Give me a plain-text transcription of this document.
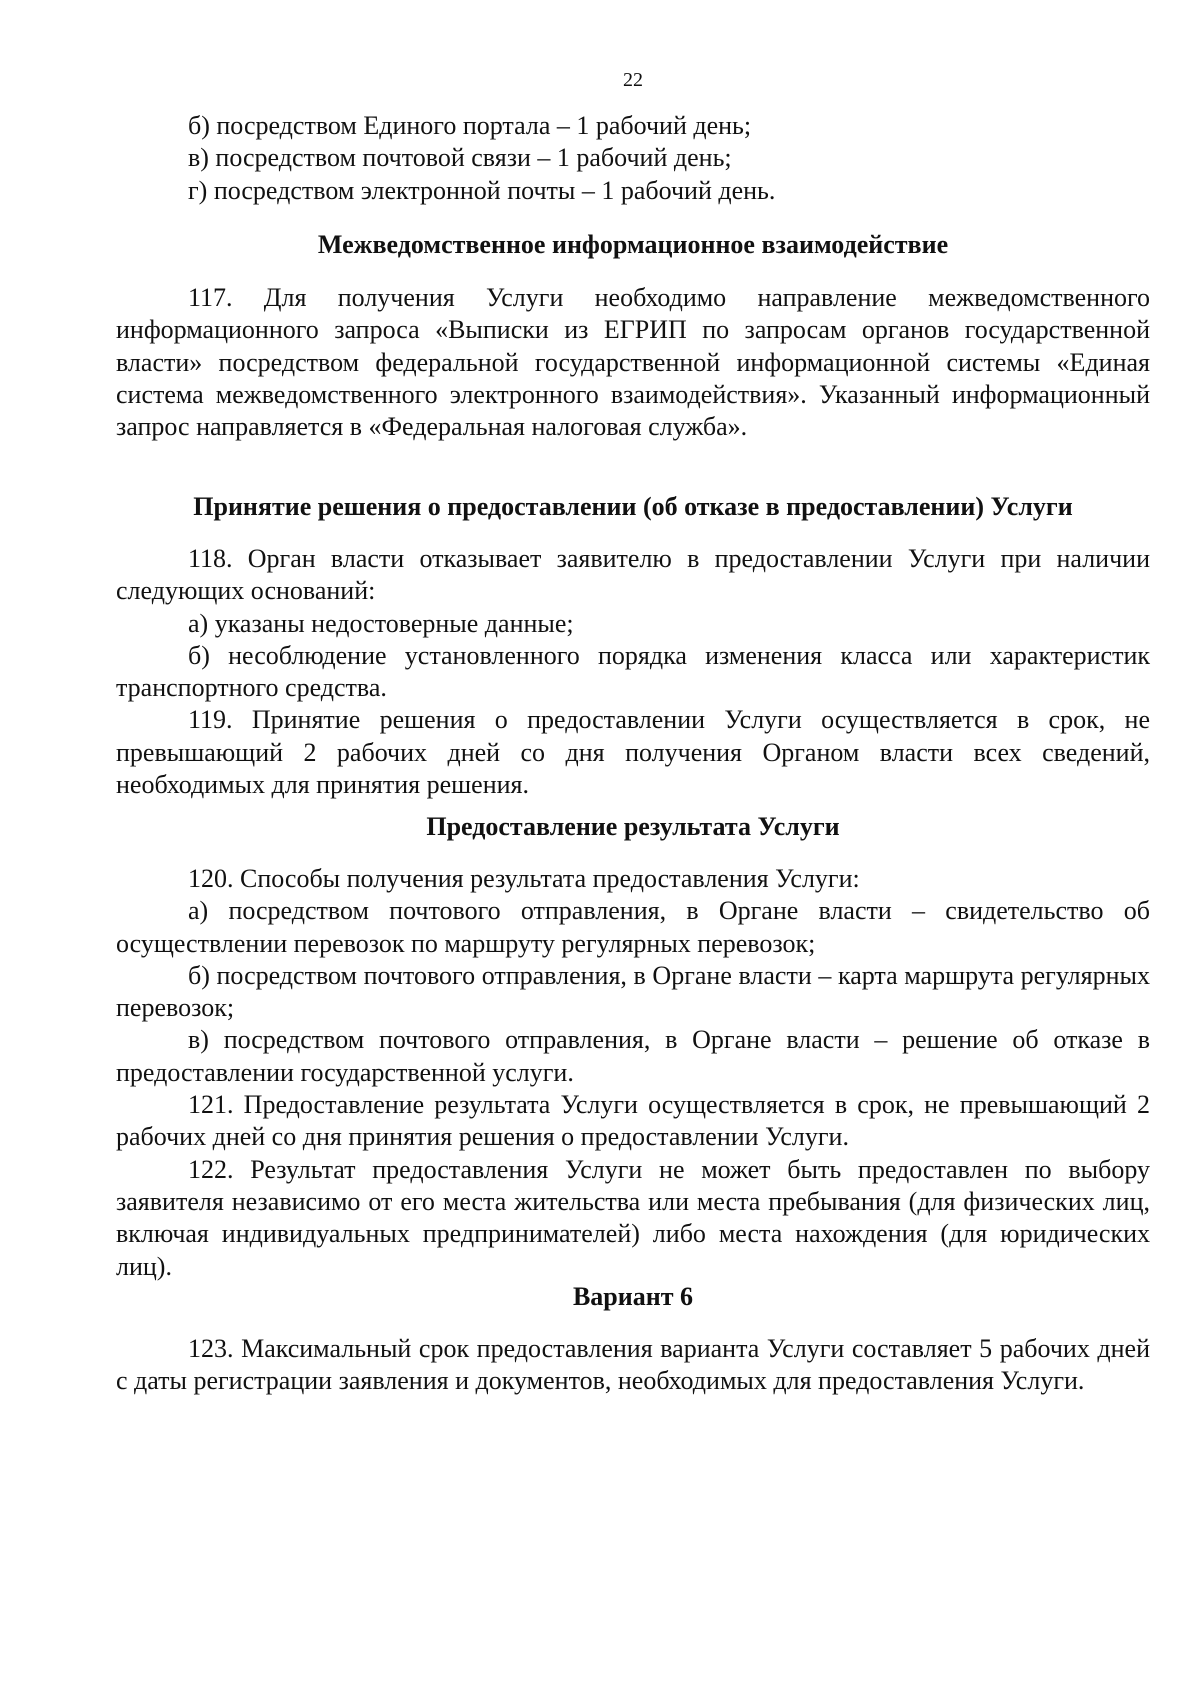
22
б) посредством Единого портала – 1 рабочий день;
в) посредством почтовой связи – 1 рабочий день;
г) посредством электронной почты – 1 рабочий день.
Межведомственное информационное взаимодействие
117. Для получения Услуги необходимо направление межведомственного информационного запроса «Выписки из ЕГРИП по запросам органов государственной власти» посредством федеральной государственной информационной системы «Единая система межведомственного электронного взаимодействия». Указанный информационный запрос направляется в «Федеральная налоговая служба».
Принятие решения о предоставлении (об отказе в предоставлении) Услуги
118. Орган власти отказывает заявителю в предоставлении Услуги при наличии следующих оснований:
а) указаны недостоверные данные;
б) несоблюдение установленного порядка изменения класса или характеристик транспортного средства.
119. Принятие решения о предоставлении Услуги осуществляется в срок, не превышающий 2 рабочих дней со дня получения Органом власти всех сведений, необходимых для принятия решения.
Предоставление результата Услуги
120. Способы получения результата предоставления Услуги:
а) посредством почтового отправления, в Органе власти – свидетельство об осуществлении перевозок по маршруту регулярных перевозок;
б) посредством почтового отправления, в Органе власти – карта маршрута регулярных перевозок;
в) посредством почтового отправления, в Органе власти – решение об отказе в предоставлении государственной услуги.
121. Предоставление результата Услуги осуществляется в срок, не превышающий 2 рабочих дней со дня принятия решения о предоставлении Услуги.
122. Результат предоставления Услуги не может быть предоставлен по выбору заявителя независимо от его места жительства или места пребывания (для физических лиц, включая индивидуальных предпринимателей) либо места нахождения (для юридических лиц).
Вариант 6
123. Максимальный срок предоставления варианта Услуги составляет 5 рабочих дней с даты регистрации заявления и документов, необходимых для предоставления Услуги.
